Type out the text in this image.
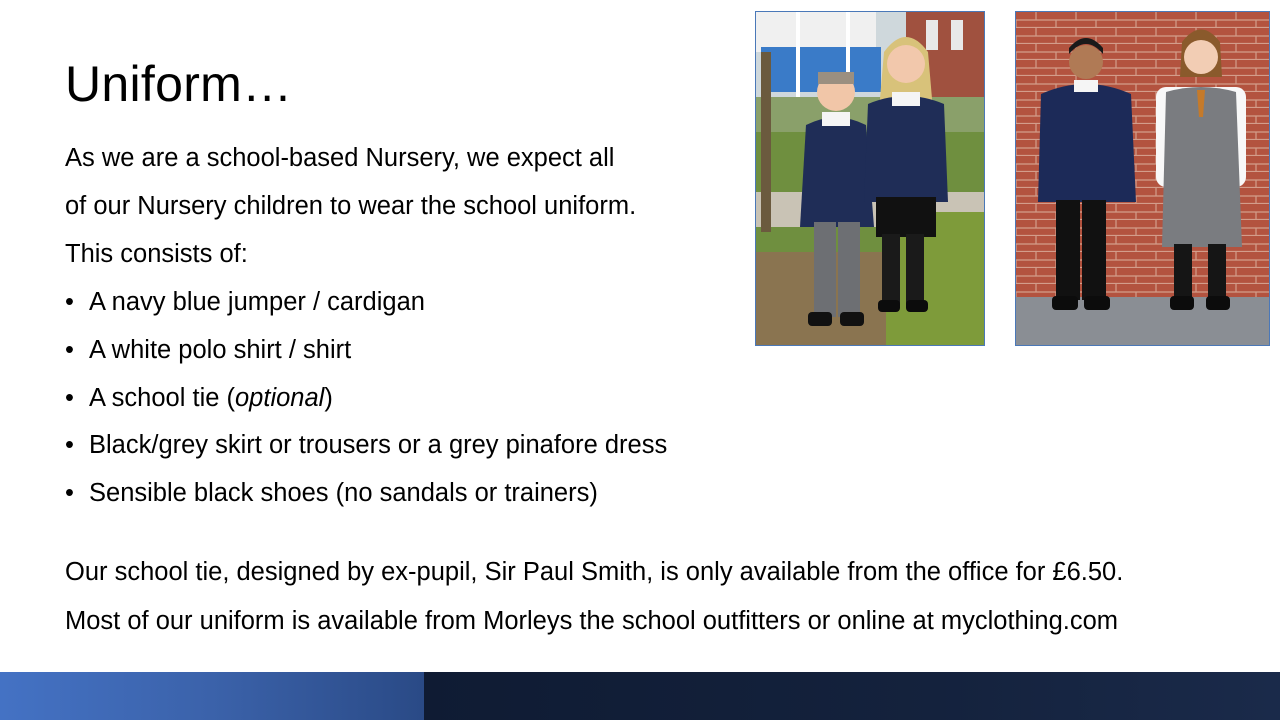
Uniform…
As we are a school-based Nursery, we expect all
of our Nursery children to wear the school uniform.
This consists of:
• A navy blue jumper / cardigan
• A white polo shirt / shirt
• A school tie (optional)
• Black/grey skirt or trousers or a grey pinafore dress
• Sensible black shoes (no sandals or trainers)
Our school tie, designed by ex-pupil, Sir Paul Smith, is only available from the office for £6.50.
Most of our uniform is available from Morleys the school outfitters or online at myclothing.com
